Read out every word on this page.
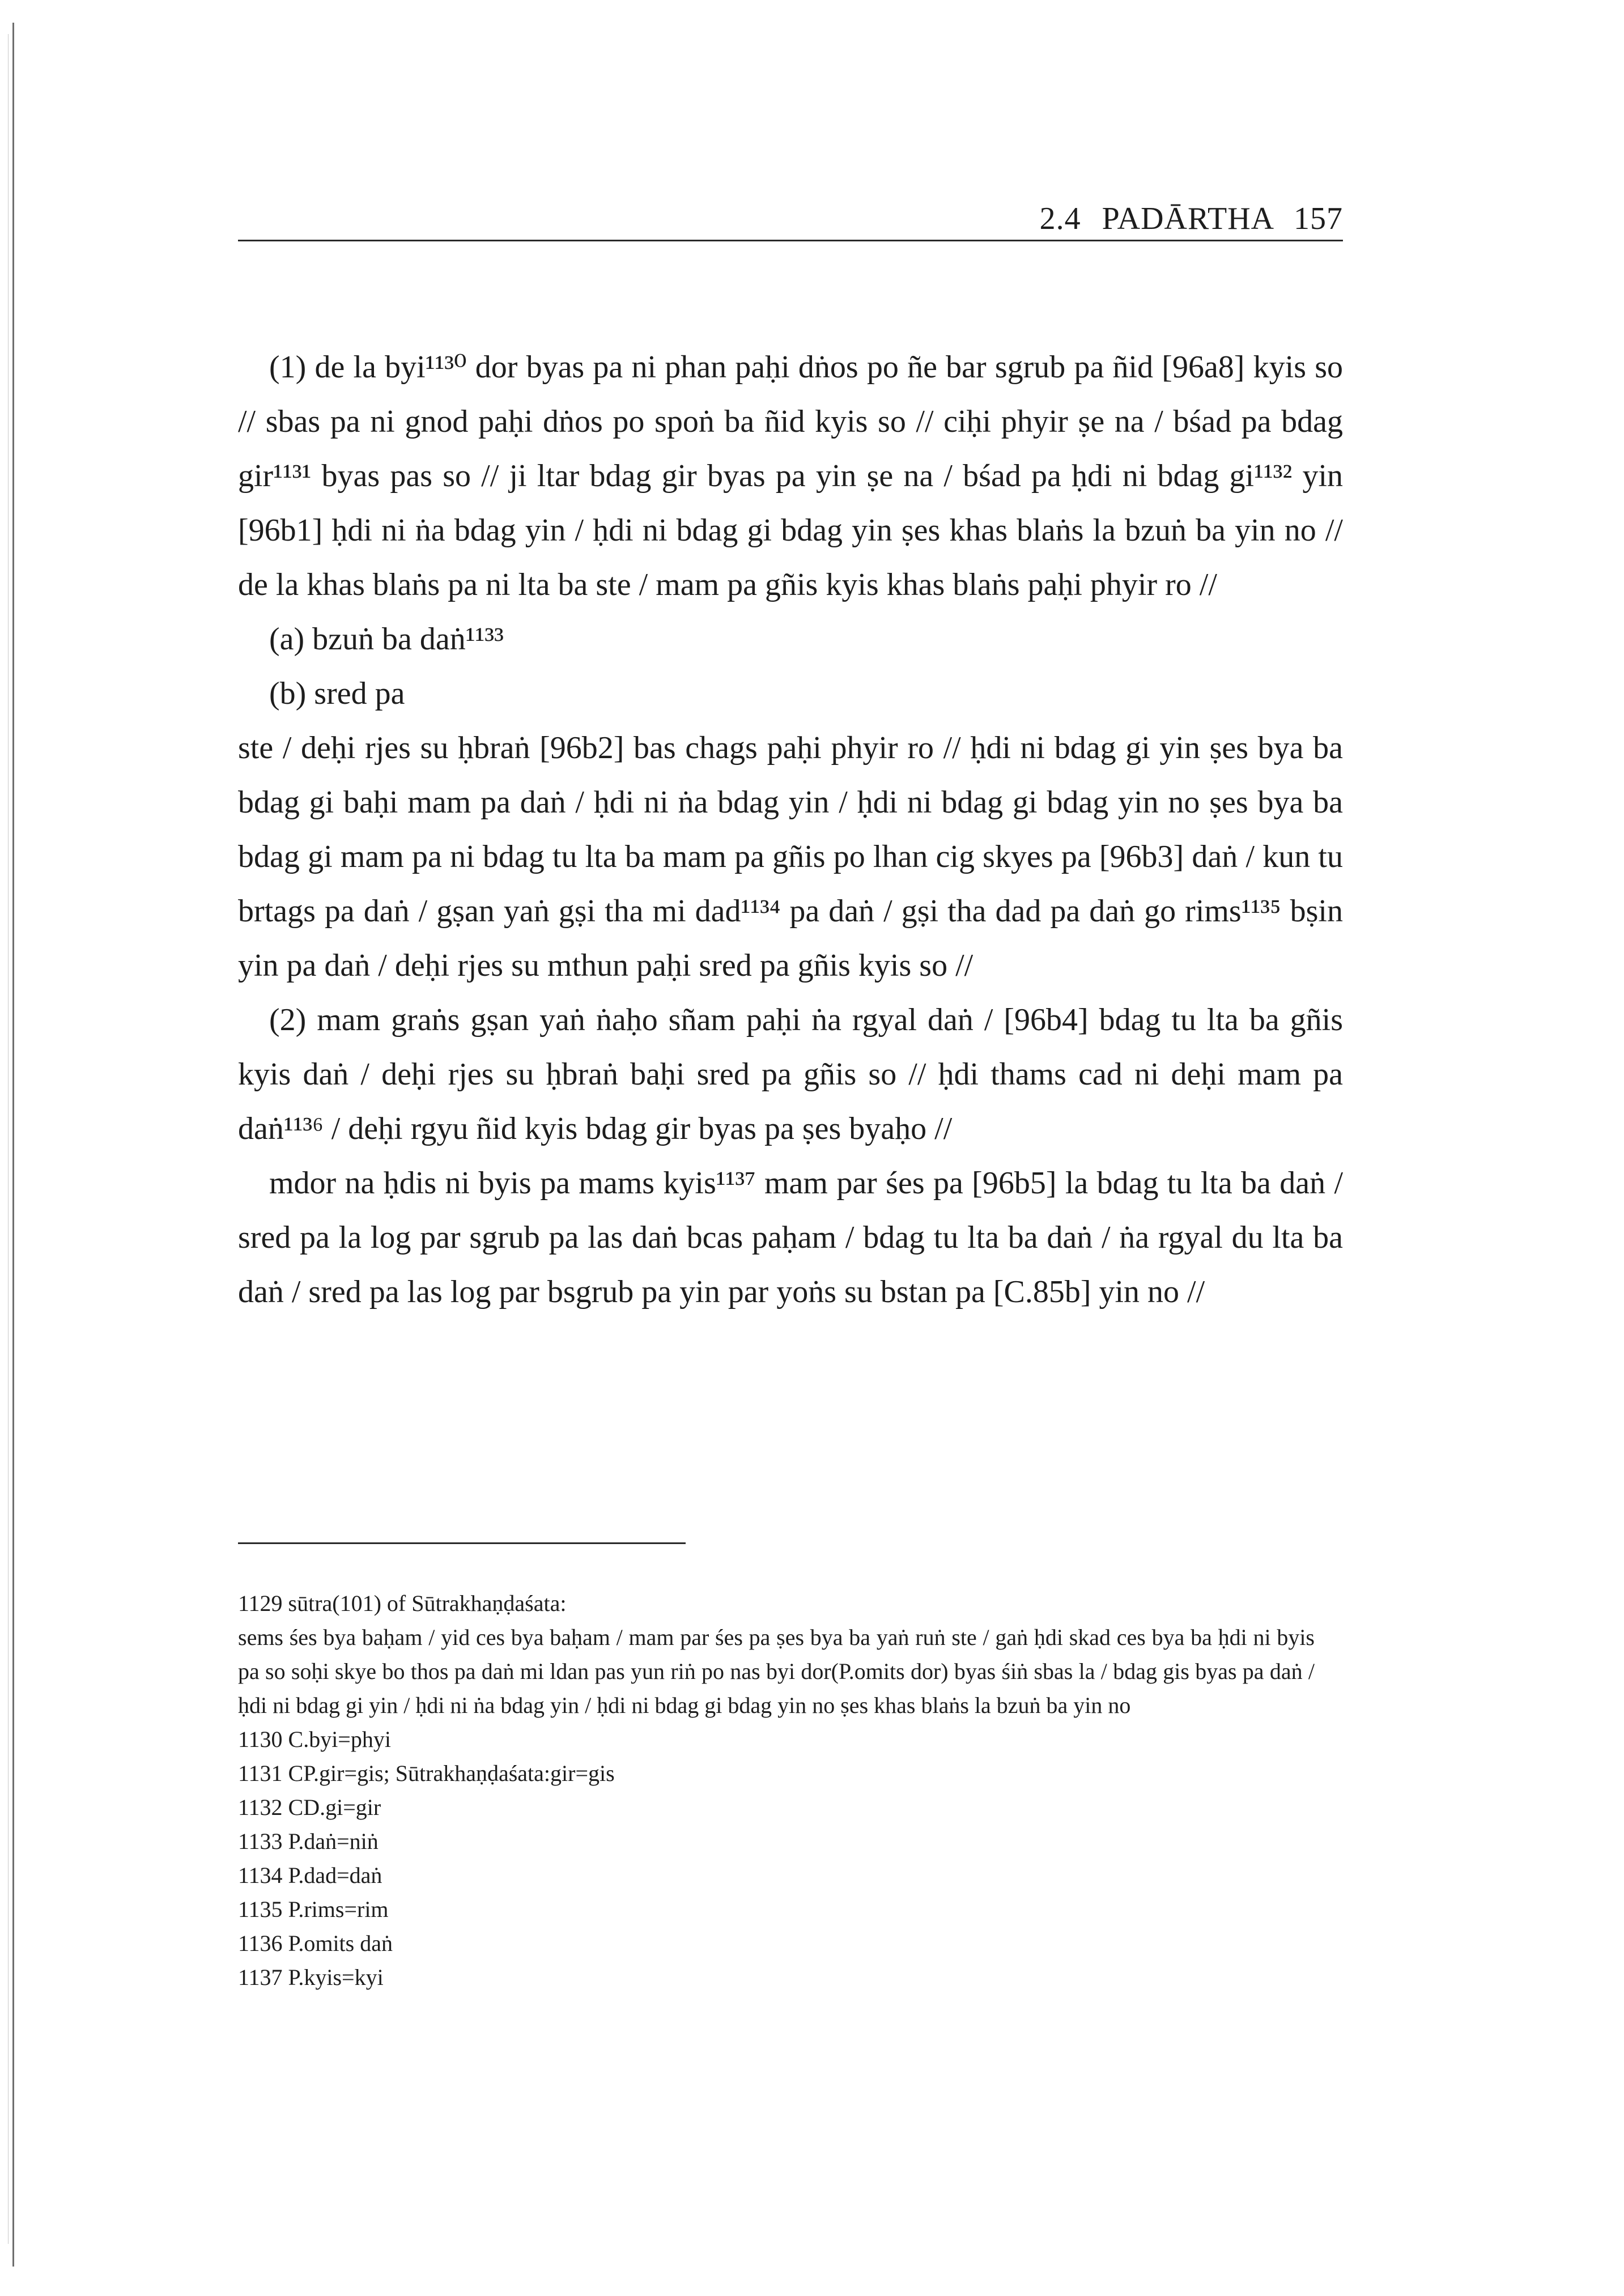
2.4 PADĀRTHA 157

(1) de la byi¹¹³⁰ dor byas pa ni phan paḥi dṅos po ñe bar sgrub pa ñid [96a8] kyis so // sbas pa ni gnod paḥi dṅos po spoṅ ba ñid kyis so // ciḥi phyir ṣe na / bśad pa bdag gir¹¹³¹ byas pas so // ji ltar bdag gir byas pa yin ṣe na / bśad pa ḥdi ni bdag gi¹¹³² yin [96b1] ḥdi ni ṅa bdag yin / ḥdi ni bdag gi bdag yin ṣes khas blaṅs la bzuṅ ba yin no // de la khas blaṅs pa ni lta ba ste / mam pa gñis kyis khas blaṅs paḥi phyir ro //

(a) bzuṅ ba daṅ¹¹³³

(b) sred pa

ste / deḥi rjes su ḥbraṅ [96b2] bas chags paḥi phyir ro // ḥdi ni bdag gi yin ṣes bya ba bdag gi baḥi mam pa daṅ / ḥdi ni ṅa bdag yin / ḥdi ni bdag gi bdag yin no ṣes bya ba bdag gi mam pa ni bdag tu lta ba mam pa gñis po lhan cig skyes pa [96b3] daṅ / kun tu brtags pa daṅ / gṣan yaṅ gṣi tha mi dad¹¹³⁴ pa daṅ / gṣi tha dad pa daṅ go rims¹¹³⁵ bṣin yin pa daṅ / deḥi rjes su mthun paḥi sred pa gñis kyis so //

(2) mam graṅs gṣan yaṅ ṅaḥo sñam paḥi ṅa rgyal daṅ / [96b4] bdag tu lta ba gñis kyis daṅ / deḥi rjes su ḥbraṅ baḥi sred pa gñis so // ḥdi thams cad ni deḥi mam pa daṅ¹¹³⁶ / deḥi rgyu ñid kyis bdag gir byas pa ṣes byaḥo //

mdor na ḥdis ni byis pa mams kyis¹¹³⁷ mam par śes pa [96b5] la bdag tu lta ba daṅ / sred pa la log par sgrub pa las daṅ bcas paḥam / bdag tu lta ba daṅ / ṅa rgyal du lta ba daṅ / sred pa las log par bsgrub pa yin par yoṅs su bstan pa [C.85b] yin no //

1129 sūtra(101) of Sūtrakhaṇḍaśata:

sems śes bya baḥam / yid ces bya baḥam / mam par śes pa ṣes bya ba yaṅ ruṅ ste / gaṅ ḥdi skad ces bya ba ḥdi ni byis pa so soḥi skye bo thos pa daṅ mi ldan pas yun riṅ po nas byi dor(P.omits dor) byas śiṅ sbas la / bdag gis byas pa daṅ / ḥdi ni bdag gi yin / ḥdi ni ṅa bdag yin / ḥdi ni bdag gi bdag yin no ṣes khas blaṅs la bzuṅ ba yin no

1130 C.byi=phyi

1131 CP.gir=gis; Sūtrakhaṇḍaśata:gir=gis

1132 CD.gi=gir

1133 P.daṅ=niṅ

1134 P.dad=daṅ

1135 P.rims=rim

1136 P.omits daṅ

1137 P.kyis=kyi
